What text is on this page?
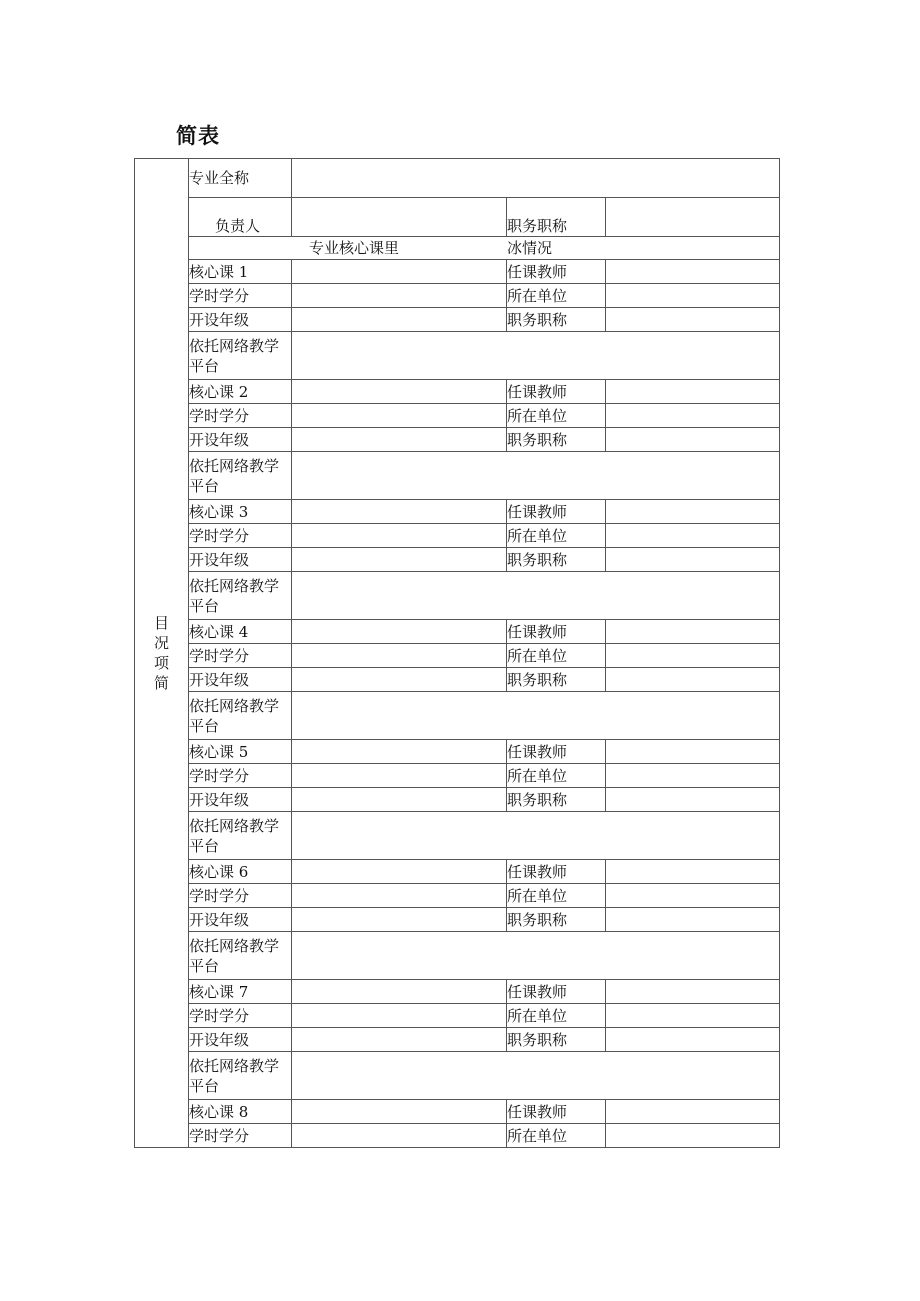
简表
目况项简	专业全称			
	负责人		职务职称	
	专业核心课里 冰情况			
	核心课 1		任课教师	
	学时学分		所在单位	
	开设年级		职务职称	
	依托网络教学平台			
	核心课 2		任课教师	
	学时学分		所在单位	
	开设年级		职务职称	
	依托网络教学平台			
	核心课 3		任课教师	
	学时学分		所在单位	
	开设年级		职务职称	
	依托网络教学平台			
	核心课 4		任课教师	
	学时学分		所在单位	
	开设年级		职务职称	
	依托网络教学平台			
	核心课 5		任课教师	
	学时学分		所在单位	
	开设年级		职务职称	
	依托网络教学平台			
	核心课 6		任课教师	
	学时学分		所在单位	
	开设年级		职务职称	
	依托网络教学平台			
	核心课 7		任课教师	
	学时学分		所在单位	
	开设年级		职务职称	
	依托网络教学平台			
	核心课 8		任课教师	
	学时学分		所在单位	
